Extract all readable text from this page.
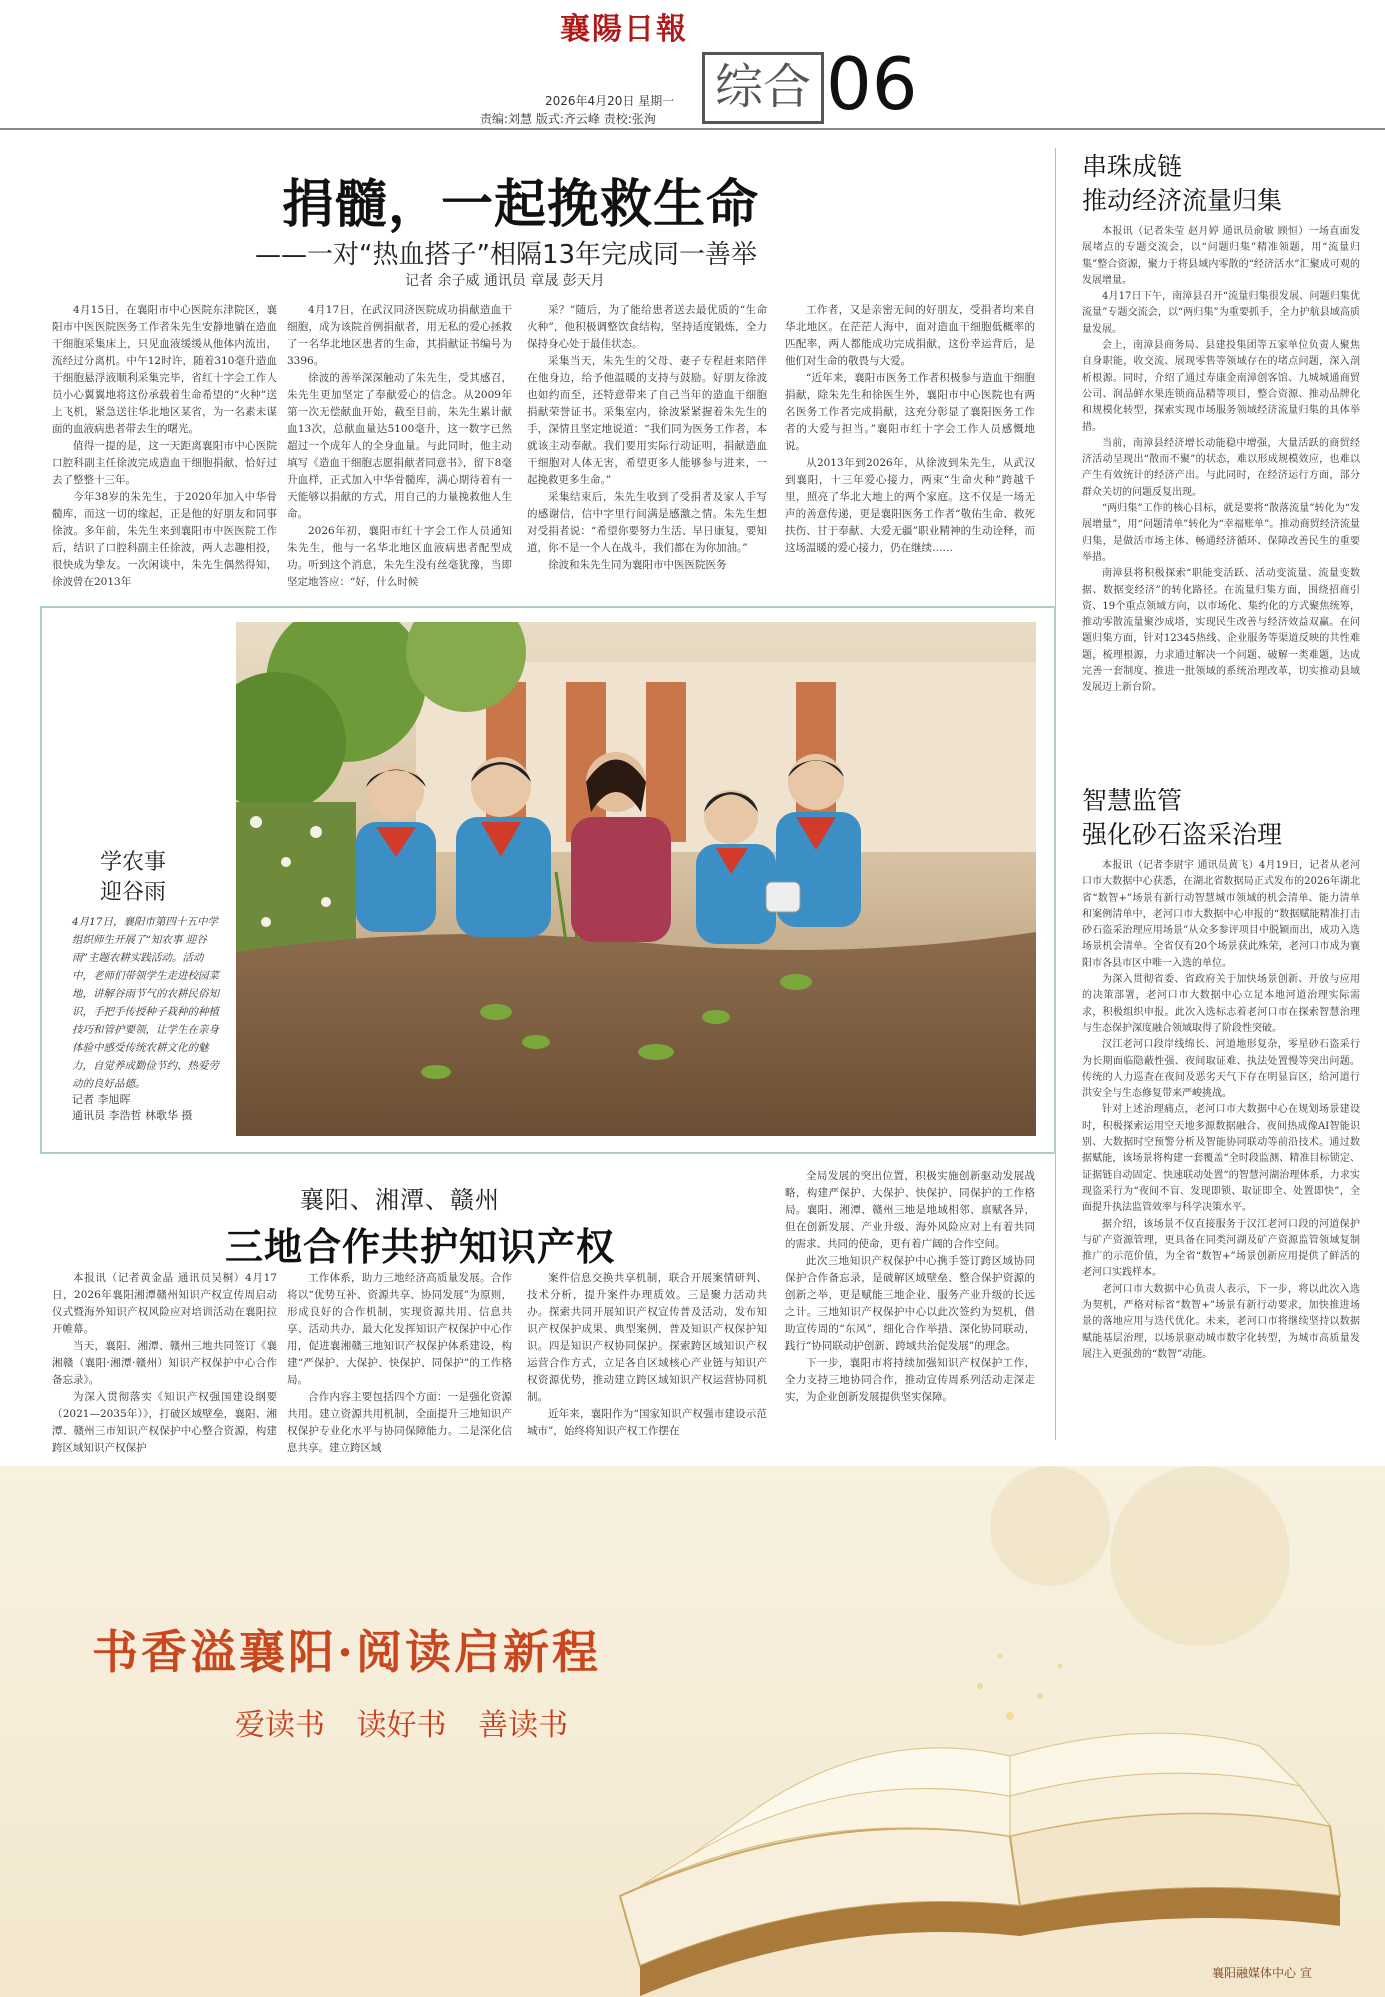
襄陽日報
2026年4月20日 星期一
责编:刘慧 版式:齐云峰 责校:张洵
综合 06
捐髓，一起挽救生命
——一对“热血搭子”相隔13年完成同一善举
记者 余子威 通讯员 章晟 彭天月

4月15日，在襄阳市中心医院东津院区，襄阳市中医医院医务工作者朱先生安静地躺在造血干细胞采集床上，只见血液缓缓从他体内流出，流经过分离机。中午12时许，随着310毫升造血干细胞悬浮液顺利采集完毕，省红十字会工作人员小心翼翼地将这份承载着生命希望的“火种”送上飞机，紧急送往华北地区某省，为一名素未谋面的血液病患者带去生的曙光。

值得一提的是，这一天距离襄阳市中心医院口腔科副主任徐波完成造血干细胞捐献，恰好过去了整整十三年。

今年38岁的朱先生，于2020年加入中华骨髓库，而这一切的缘起，正是他的好朋友和同事徐波。多年前，朱先生来到襄阳市中医医院工作后，结识了口腔科副主任徐波，两人志趣相投，很快成为挚友。一次闲谈中，朱先生偶然得知，徐波曾在2013年

4月17日，在武汉同济医院成功捐献造血干细胞，成为该院首例捐献者，用无私的爱心拯救了一名华北地区患者的生命，其捐献证书编号为3396。

徐波的善举深深触动了朱先生，受其感召，朱先生更加坚定了奉献爱心的信念。从2009年第一次无偿献血开始，截至目前，朱先生累计献血13次，总献血量达5100毫升，这一数字已然超过一个成年人的全身血量。与此同时，他主动填写《造血干细胞志愿捐献者同意书》，留下8毫升血样，正式加入中华骨髓库，满心期待着有一天能够以捐献的方式，用自己的力量挽救他人生命。

2026年初，襄阳市红十字会工作人员通知朱先生，他与一名华北地区血液病患者配型成功。听到这个消息，朱先生没有丝毫犹豫，当即坚定地答应：“好，什么时候

采？”随后，为了能给患者送去最优质的“生命火种”，他积极调整饮食结构，坚持适度锻炼，全力保持身心处于最佳状态。

采集当天，朱先生的父母、妻子专程赶来陪伴在他身边，给予他温暖的支持与鼓励。好朋友徐波也如约而至，还特意带来了自己当年的造血干细胞捐献荣誉证书。采集室内，徐波紧紧握着朱先生的手，深情且坚定地说道：“我们同为医务工作者，本就该主动奉献。我们要用实际行动证明，捐献造血干细胞对人体无害，希望更多人能够参与进来，一起挽救更多生命。”

采集结束后，朱先生收到了受捐者及家人手写的感谢信，信中字里行间满是感激之情。朱先生想对受捐者说：“希望你要努力生活、早日康复，要知道，你不是一个人在战斗，我们都在为你加油。”

徐波和朱先生同为襄阳市中医医院医务

工作者，又是亲密无间的好朋友，受捐者均来自华北地区。在茫茫人海中，面对造血干细胞低概率的匹配率，两人都能成功完成捐献，这份幸运背后，是他们对生命的敬畏与大爱。

“近年来，襄阳市医务工作者积极参与造血干细胞捐献，除朱先生和徐医生外，襄阳市中心医院也有两名医务工作者完成捐献，这充分彰显了襄阳医务工作者的大爱与担当。”襄阳市红十字会工作人员感慨地说。

从2013年到2026年，从徐波到朱先生，从武汉到襄阳，十三年爱心接力，两束“生命火种”跨越千里，照亮了华北大地上的两个家庭。这不仅是一场无声的善意传递，更是襄阳医务工作者“敬佑生命、救死扶伤、甘于奉献、大爱无疆”职业精神的生动诠释，而这场温暖的爱心接力，仍在继续……

学农事
迎谷雨
4月17日，襄阳市第四十五中学组织师生开展了“知农事 迎谷雨”主题农耕实践活动。活动中，老师们带领学生走进校园菜地，讲解谷雨节气的农耕民俗知识，手把手传授种子栽种的种植技巧和管护要领，让学生在亲身体验中感受传统农耕文化的魅力，自觉养成勤俭节约、热爱劳动的良好品德。
记者 李旭晖
通讯员 李浩哲 林歌华 摄
串珠成链
推动经济流量归集

本报讯（记者朱莹 赵月婷 通讯员俞敏 顾恒）一场直面发展堵点的专题交流会，以“问题归集”精准领题，用“流量归集”整合资源，聚力于将县域内零散的“经济活水”汇聚成可观的发展增量。

4月17日下午，南漳县召开“流量归集很发展、问题归集优流量”专题交流会，以“两归集”为重要抓手，全力护航县域高质量发展。

会上，南漳县商务局、县建投集团等五家单位负责人聚焦自身职能，收交流、展现零售等领域存在的堵点问题，深入剖析根源。同时，介绍了通过寿康金南漳创客馆、九城城通商贸公司、润品鲜水果连锁商品精等项目，整合资源、推动品牌化和规模化转型，探索实现市场服务领域经济流量归集的具体举措。

当前，南漳县经济增长动能稳中增强，大量活跃的商贸经济活动呈现出“散而不聚”的状态，难以形成规模效应，也难以产生有效统计的经济产出。与此同时，在经济运行方面，部分群众关切的问题反复出现。

“两归集”工作的核心目标，就是要将“散落流量”转化为“发展增量”，用“问题清单”转化为“幸福账单”。推动商贸经济流量归集，是做活市场主体、畅通经济循环、保障改善民生的重要举措。

南漳县将积极探索“职能变活跃、活动变流量、流量变数据、数据变经济”的转化路径。在流量归集方面，围绕招商引资、19个重点领域方向，以市场化、集约化的方式聚焦统筹，推动零散流量聚沙成塔，实现民生改善与经济效益双赢。在问题归集方面，针对12345热线、企业服务等渠道反映的共性难题，梳理根源，力求通过解决一个问题、破解一类难题，达成完善一套制度、推进一批领域的系统治理改革，切实推动县域发展迈上新台阶。

智慧监管
强化砂石盗采治理

本报讯（记者李尉宇 通讯员黄飞）4月19日，记者从老河口市大数据中心获悉，在湖北省数据局正式发布的2026年湖北省“数智+”场景有新行动智慧城市领域的机会清单、能力清单和案例清单中，老河口市大数据中心申报的“数据赋能精准打击砂石盗采治理应用场景”从众多参评项目中脱颖而出，成功入选场景机会清单。全省仅有20个场景获此殊荣，老河口市成为襄阳市各县市区中唯一入选的单位。

为深入贯彻省委、省政府关于加快场景创新、开放与应用的决策部署，老河口市大数据中心立足本地河道治理实际需求，积极组织申报。此次入选标志着老河口市在探索智慧治理与生态保护深度融合领域取得了阶段性突破。

汉江老河口段岸线绵长、河道地形复杂，零星砂石盗采行为长期面临隐蔽性强、夜间取证难、执法处置慢等突出问题。传统的人力巡查在夜间及恶劣天气下存在明显盲区，给河道行洪安全与生态修复带来严峻挑战。

针对上述治理痛点，老河口市大数据中心在规划场景建设时，积极探索运用空天地多源数据融合、夜间热成像AI智能识别、大数据时空预警分析及智能协同联动等前沿技术。通过数据赋能，该场景将构建一套覆盖“全时段监测、精准目标锁定、证据链自动固定、快速联动处置”的智慧河湖治理体系，力求实现盗采行为“夜间不盲、发现即锁、取证即全、处置即快”，全面提升执法监管效率与科学决策水平。

据介绍，该场景不仅直接服务于汉江老河口段的河道保护与矿产资源管理，更具备在同类河湖及矿产资源监管领域复制推广的示范价值，为全省“数智+”场景创新应用提供了鲜活的老河口实践样本。

老河口市大数据中心负责人表示，下一步，将以此次入选为契机，严格对标省“数智+”场景有新行动要求，加快推进场景的落地应用与迭代优化。未来，老河口市将继续坚持以数据赋能基层治理，以场景驱动城市数字化转型，为城市高质量发展注入更强劲的“数智”动能。

襄阳、湘潭、赣州
三地合作共护知识产权

本报讯（记者黄金晶 通讯员吴桐）4月17日，2026年襄阳湘潭赣州知识产权宣传周启动仪式暨海外知识产权风险应对培训活动在襄阳拉开帷幕。

当天，襄阳、湘潭、赣州三地共同签订《襄湘赣（襄阳·湘潭·赣州）知识产权保护中心合作备忘录》。

为深入贯彻落实《知识产权强国建设纲要（2021—2035年）》，打破区域壁垒，襄阳、湘潭、赣州三市知识产权保护中心整合资源，构建跨区域知识产权保护

工作体系，助力三地经济高质量发展。合作将以“优势互补、资源共享、协同发展”为原则，形成良好的合作机制，实现资源共用、信息共享、活动共办，最大化发挥知识产权保护中心作用，促进襄湘赣三地知识产权保护体系建设，构建“严保护、大保护、快保护、同保护”的工作格局。

合作内容主要包括四个方面：一是强化资源共用。建立资源共用机制，全面提升三地知识产权保护专业化水平与协同保障能力。二是深化信息共享。建立跨区域

案件信息交换共享机制，联合开展案情研判、技术分析，提升案件办理质效。三是聚力活动共办。探索共同开展知识产权宣传普及活动，发布知识产权保护成果、典型案例，普及知识产权保护知识。四是知识产权协同保护。探索跨区域知识产权运营合作方式，立足各自区域核心产业链与知识产权资源优势，推动建立跨区域知识产权运营协同机制。

近年来，襄阳作为“国家知识产权强市建设示范城市”，始终将知识产权工作摆在

全局发展的突出位置，积极实施创新驱动发展战略，构建严保护、大保护、快保护、同保护的工作格局。襄阳、湘潭、赣州三地是地域相邻、禀赋各异，但在创新发展、产业升级、海外风险应对上有着共同的需求、共同的使命，更有着广阔的合作空间。

此次三地知识产权保护中心携手签订跨区域协同保护合作备忘录，是破解区域壁垒、整合保护资源的创新之举，更是赋能三地企业、服务产业升级的长远之计。三地知识产权保护中心以此次签约为契机，借助宣传周的“东风”，细化合作举措、深化协同联动，践行“协同联动护创新、跨域共治促发展”的理念。

下一步，襄阳市将持续加强知识产权保护工作，全力支持三地协同合作，推动宣传周系列活动走深走实，为企业创新发展提供坚实保障。

书香溢襄阳·阅读启新程
爱读书 读好书 善读书
襄阳融媒体中心 宣
